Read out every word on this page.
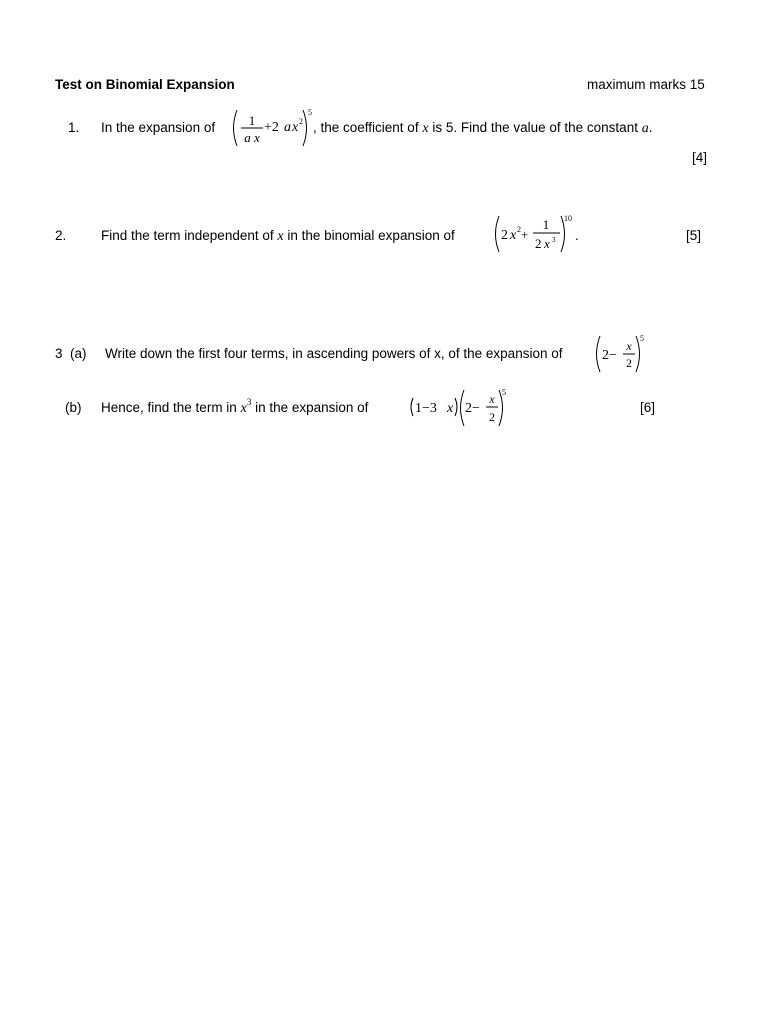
Test on Binomial Expansion	maximum marks 15
1. In the expansion of	1
a x
+2 a x 2
5
, the coefficient of x is 5. Find the value of the constant a.
[4]
2.	Find the term independent of x in the binomial expansion of	2 x 2 +
1
2 x 3
10
.	[5]
3 (a) Write down the first four terms, in ascending powers of x, of the expansion of	2−
x
2
5
(b) Hence, find the term in $x^3$ in the expansion of	1−3 x 2−
x
2
5
[6]
